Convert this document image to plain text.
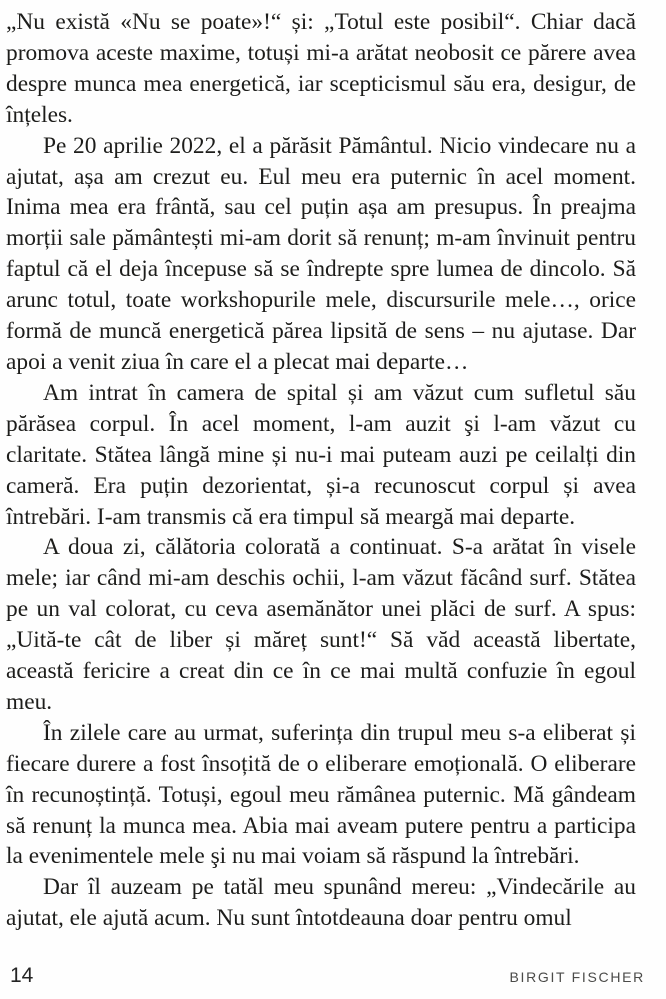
„Nu există «Nu se poate»!“ și: „Totul este posibil“. Chiar dacă promova aceste maxime, totuși mi-a arătat neobosit ce părere avea despre munca mea energetică, iar scepticismul său era, desigur, de înțeles.

Pe 20 aprilie 2022, el a părăsit Pământul. Nicio vindecare nu a ajutat, așa am crezut eu. Eul meu era puternic în acel moment. Inima mea era frântă, sau cel puțin așa am presupus. În preajma morții sale pământești mi-am dorit să renunț; m-am învinuit pentru faptul că el deja începuse să se îndrepte spre lumea de dincolo. Să arunc totul, toate workshopurile mele, discursurile mele…, orice formă de muncă energetică părea lipsită de sens – nu ajutase. Dar apoi a venit ziua în care el a plecat mai departe…

Am intrat în camera de spital și am văzut cum sufletul său părăsea corpul. În acel moment, l-am auzit şi l-am văzut cu claritate. Stătea lângă mine și nu-i mai puteam auzi pe ceilalți din cameră. Era puțin dezorientat, și-a recunoscut corpul și avea întrebări. I-am transmis că era timpul să meargă mai departe.

A doua zi, călătoria colorată a continuat. S-a arătat în visele mele; iar când mi-am deschis ochii, l-am văzut făcând surf. Stătea pe un val colorat, cu ceva asemănător unei plăci de surf. A spus: „Uită-te cât de liber și măreț sunt!“ Să văd această libertate, această fericire a creat din ce în ce mai multă confuzie în egoul meu.

În zilele care au urmat, suferința din trupul meu s-a eliberat și fiecare durere a fost însoțită de o eliberare emoțională. O eliberare în recunoștință. Totuși, egoul meu rămânea puternic. Mă gândeam să renunț la munca mea. Abia mai aveam putere pentru a participa la evenimentele mele şi nu mai voiam să răspund la întrebări.

Dar îl auzeam pe tatăl meu spunând mereu: „Vindecările au ajutat, ele ajută acum. Nu sunt întotdeauna doar pentru omul

14	BIRGIT FISCHER
